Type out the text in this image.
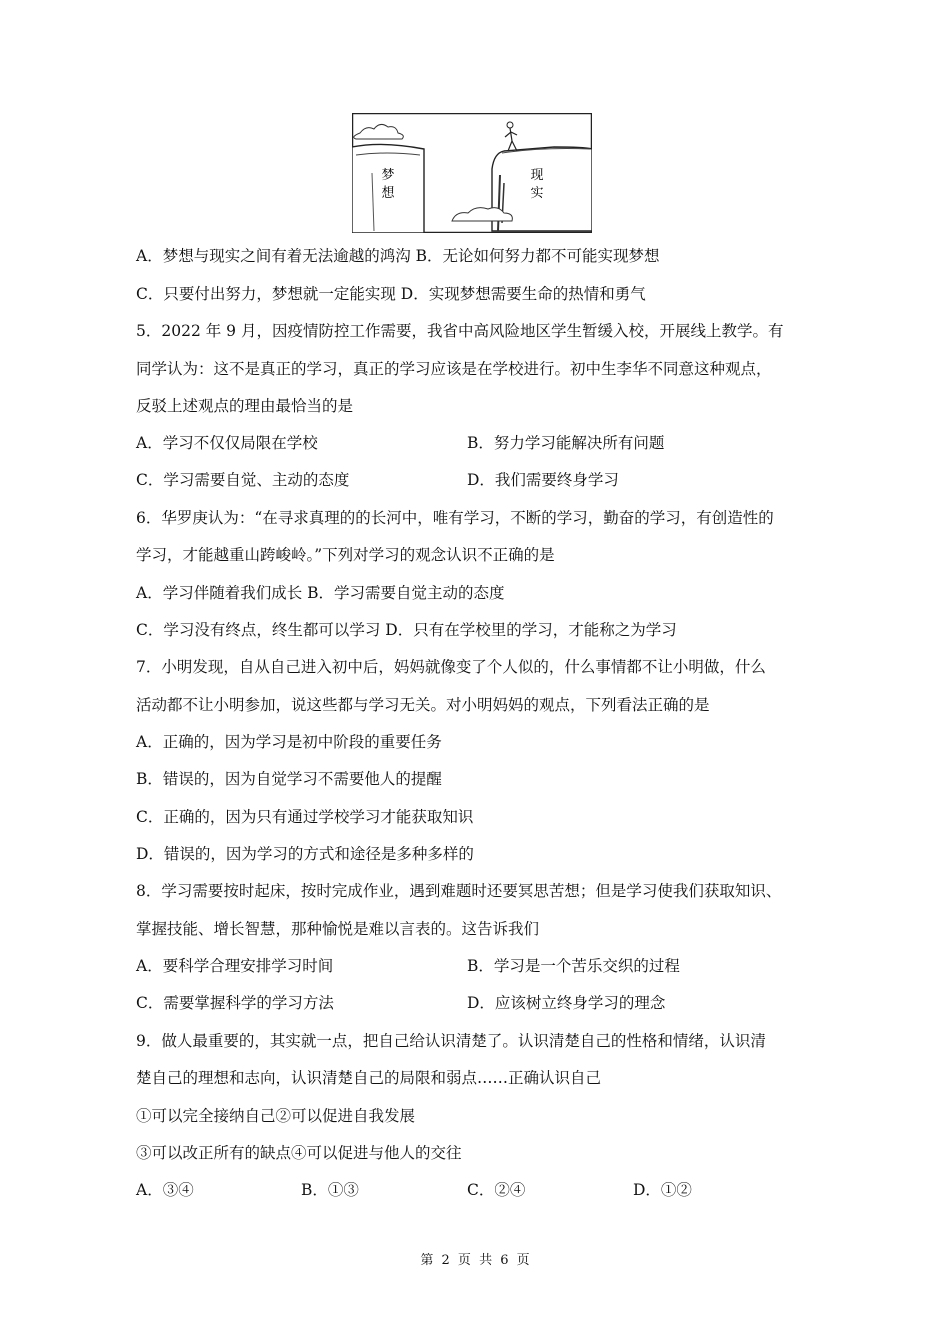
梦
想
现
实
A．梦想与现实之间有着无法逾越的鸿沟 B．无论如何努力都不可能实现梦想
C．只要付出努力，梦想就一定能实现 D．实现梦想需要生命的热情和勇气
5．2022 年 9 月，因疫情防控工作需要，我省中高风险地区学生暂缓入校，开展线上教学。有
同学认为：这不是真正的学习，真正的学习应该是在学校进行。初中生李华不同意这种观点，
反驳上述观点的理由最恰当的是
A．学习不仅仅局限在学校	B．努力学习能解决所有问题
C．学习需要自觉、主动的态度	D．我们需要终身学习
6．华罗庚认为：“在寻求真理的的长河中，唯有学习，不断的学习，勤奋的学习，有创造性的
学习，才能越重山跨峻岭。”下列对学习的观念认识不正确的是
A．学习伴随着我们成长 B．学习需要自觉主动的态度
C．学习没有终点，终生都可以学习 D．只有在学校里的学习，才能称之为学习
7．小明发现，自从自己进入初中后，妈妈就像变了个人似的，什么事情都不让小明做，什么
活动都不让小明参加，说这些都与学习无关。对小明妈妈的观点，下列看法正确的是
A．正确的，因为学习是初中阶段的重要任务
B．错误的，因为自觉学习不需要他人的提醒
C．正确的，因为只有通过学校学习才能获取知识
D．错误的，因为学习的方式和途径是多种多样的
8．学习需要按时起床，按时完成作业，遇到难题时还要冥思苦想；但是学习使我们获取知识、
掌握技能、增长智慧，那种愉悦是难以言表的。这告诉我们
A．要科学合理安排学习时间	B．学习是一个苦乐交织的过程
C．需要掌握科学的学习方法	D．应该树立终身学习的理念
9．做人最重要的，其实就一点，把自己给认识清楚了。认识清楚自己的性格和情绪，认识清
楚自己的理想和志向，认识清楚自己的局限和弱点……正确认识自己
①可以完全接纳自己②可以促进自我发展
③可以改正所有的缺点④可以促进与他人的交往
A．③④	B．①③	C．②④	D．①②
第 2 页 共 6 页
